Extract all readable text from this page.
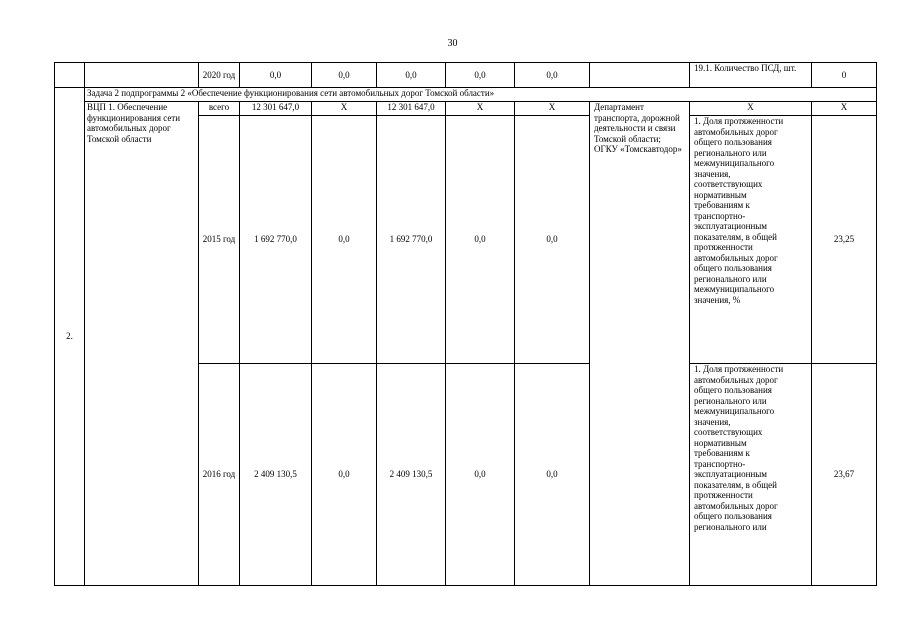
30
		2020 год	0,0	0,0	0,0	0,0	0,0		19.1. Количество ПСД, шт.	0
2.	Задача 2 подпрограммы 2 «Обеспечение функционирования сети автомобильных дорог Томской области»									
	ВЦП 1. Обеспечение функционирования сети автомобильных дорог Томской области	всего	12 301 647,0	Х	12 301 647,0	Х	Х	Департамент транспорта, дорожной деятельности и связи Томской области; ОГКУ «Томскавтодор»	Х	Х
		2015 год	1 692 770,0	0,0	1 692 770,0	0,0	0,0		1. Доля протяженности автомобильных дорог общего пользования регионального или межмуниципального значения, соответствующих нормативным требованиям к транспортно-эксплуатационным показателям, в общей протяженности автомобильных дорог общего пользования регионального или межмуниципального значения, %	23,25
		2016 год	2 409 130,5	0,0	2 409 130,5	0,0	0,0		1. Доля протяженности автомобильных дорог общего пользования регионального или межмуниципального значения, соответствующих нормативным требованиям к транспортно-эксплуатационным показателям, в общей протяженности автомобильных дорог общего пользования регионального или	23,67
